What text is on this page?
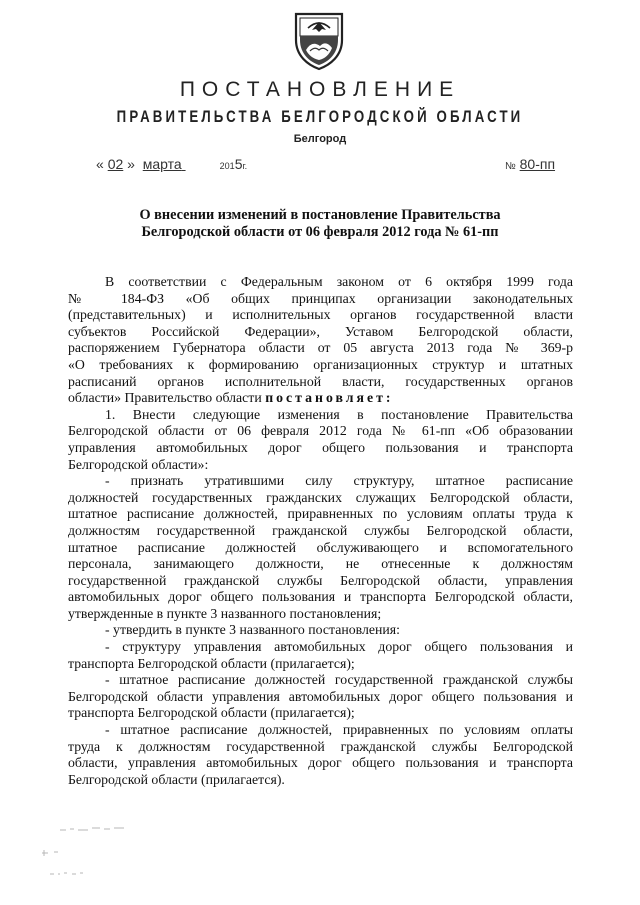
ПОСТАНОВЛЕНИЕ
ПРАВИТЕЛЬСТВА БЕЛГОРОДСКОЙ ОБЛАСТИ
Белгород
« 02 »  марта	2015г.	№ 80-пп
О внесении изменений в постановление Правительства
Белгородской области от 06 февраля 2012 года № 61-пп

В соответствии с Федеральным законом от 6 октября 1999 года

№ 184-ФЗ «Об общих принципах организации законодательных

(представительных) и исполнительных органов государственной власти

субъектов Российской Федерации», Уставом Белгородской области,

распоряжением Губернатора области от 05 августа 2013 года № 369-р

«О требованиях к формированию организационных структур и штатных

расписаний органов исполнительной власти, государственных органов

области» Правительство области постановляет:

1. Внести следующие изменения в постановление Правительства

Белгородской области от 06 февраля 2012 года № 61-пп «Об образовании

управления автомобильных дорог общего пользования и транспорта

Белгородской области»:

- признать утратившими силу структуру, штатное расписание

должностей государственных гражданских служащих Белгородской области,

штатное расписание должностей, приравненных по условиям оплаты труда к

должностям государственной гражданской службы Белгородской области,

штатное расписание должностей обслуживающего и вспомогательного

персонала, занимающего должности, не отнесенные к должностям

государственной гражданской службы Белгородской области, управления

автомобильных дорог общего пользования и транспорта Белгородской области,

утвержденные в пункте 3 названного постановления;

- утвердить в пункте 3 названного постановления:

- структуру управления автомобильных дорог общего пользования и

транспорта Белгородской области (прилагается);

- штатное расписание должностей государственной гражданской службы

Белгородской области управления автомобильных дорог общего пользования и

транспорта Белгородской области (прилагается);

- штатное расписание должностей, приравненных по условиям оплаты

труда к должностям государственной гражданской службы Белгородской

области, управления автомобильных дорог общего пользования и транспорта

Белгородской области (прилагается).
